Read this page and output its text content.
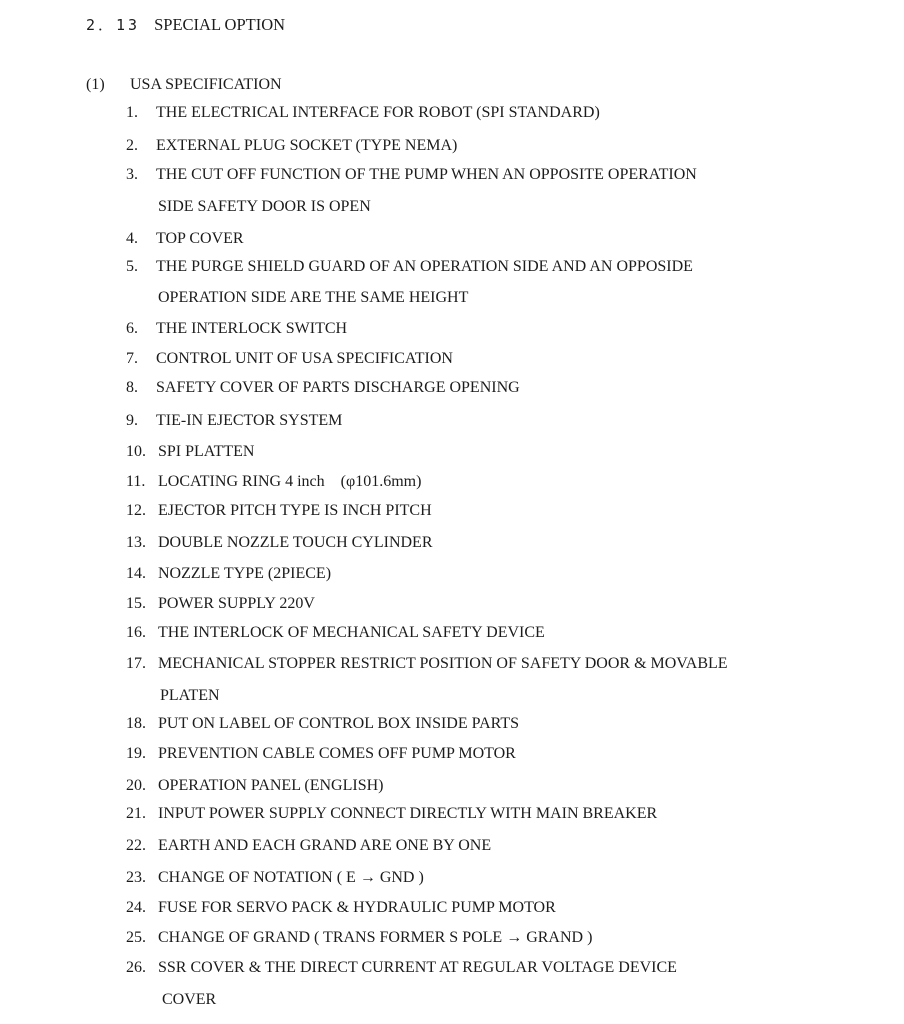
2．13 SPECIAL OPTION
(1) USA SPECIFICATION
1. THE ELECTRICAL INTERFACE FOR ROBOT (SPI STANDARD)
2. EXTERNAL PLUG SOCKET (TYPE NEMA)
3. THE CUT OFF FUNCTION OF THE PUMP WHEN AN OPPOSITE OPERATION
SIDE SAFETY DOOR IS OPEN
4. TOP COVER
5. THE PURGE SHIELD GUARD OF AN OPERATION SIDE AND AN OPPOSIDE
OPERATION SIDE ARE THE SAME HEIGHT
6. THE INTERLOCK SWITCH
7. CONTROL UNIT OF USA SPECIFICATION
8. SAFETY COVER OF PARTS DISCHARGE OPENING
9. TIE-IN EJECTOR SYSTEM
10. SPI PLATTEN
11. LOCATING RING 4 inch　(φ101.6mm)
12. EJECTOR PITCH TYPE IS INCH PITCH
13. DOUBLE NOZZLE TOUCH CYLINDER
14. NOZZLE TYPE (2PIECE)
15. POWER SUPPLY 220V
16. THE INTERLOCK OF MECHANICAL SAFETY DEVICE
17. MECHANICAL STOPPER RESTRICT POSITION OF SAFETY DOOR & MOVABLE
PLATEN
18. PUT ON LABEL OF CONTROL BOX INSIDE PARTS
19. PREVENTION CABLE COMES OFF PUMP MOTOR
20. OPERATION PANEL (ENGLISH)
21. INPUT POWER SUPPLY CONNECT DIRECTLY WITH MAIN BREAKER
22. EARTH AND EACH GRAND ARE ONE BY ONE
23. CHANGE OF NOTATION ( E → GND )
24. FUSE FOR SERVO PACK & HYDRAULIC PUMP MOTOR
25. CHANGE OF GRAND ( TRANS FORMER S POLE → GRAND )
26. SSR COVER & THE DIRECT CURRENT AT REGULAR VOLTAGE DEVICE
COVER
